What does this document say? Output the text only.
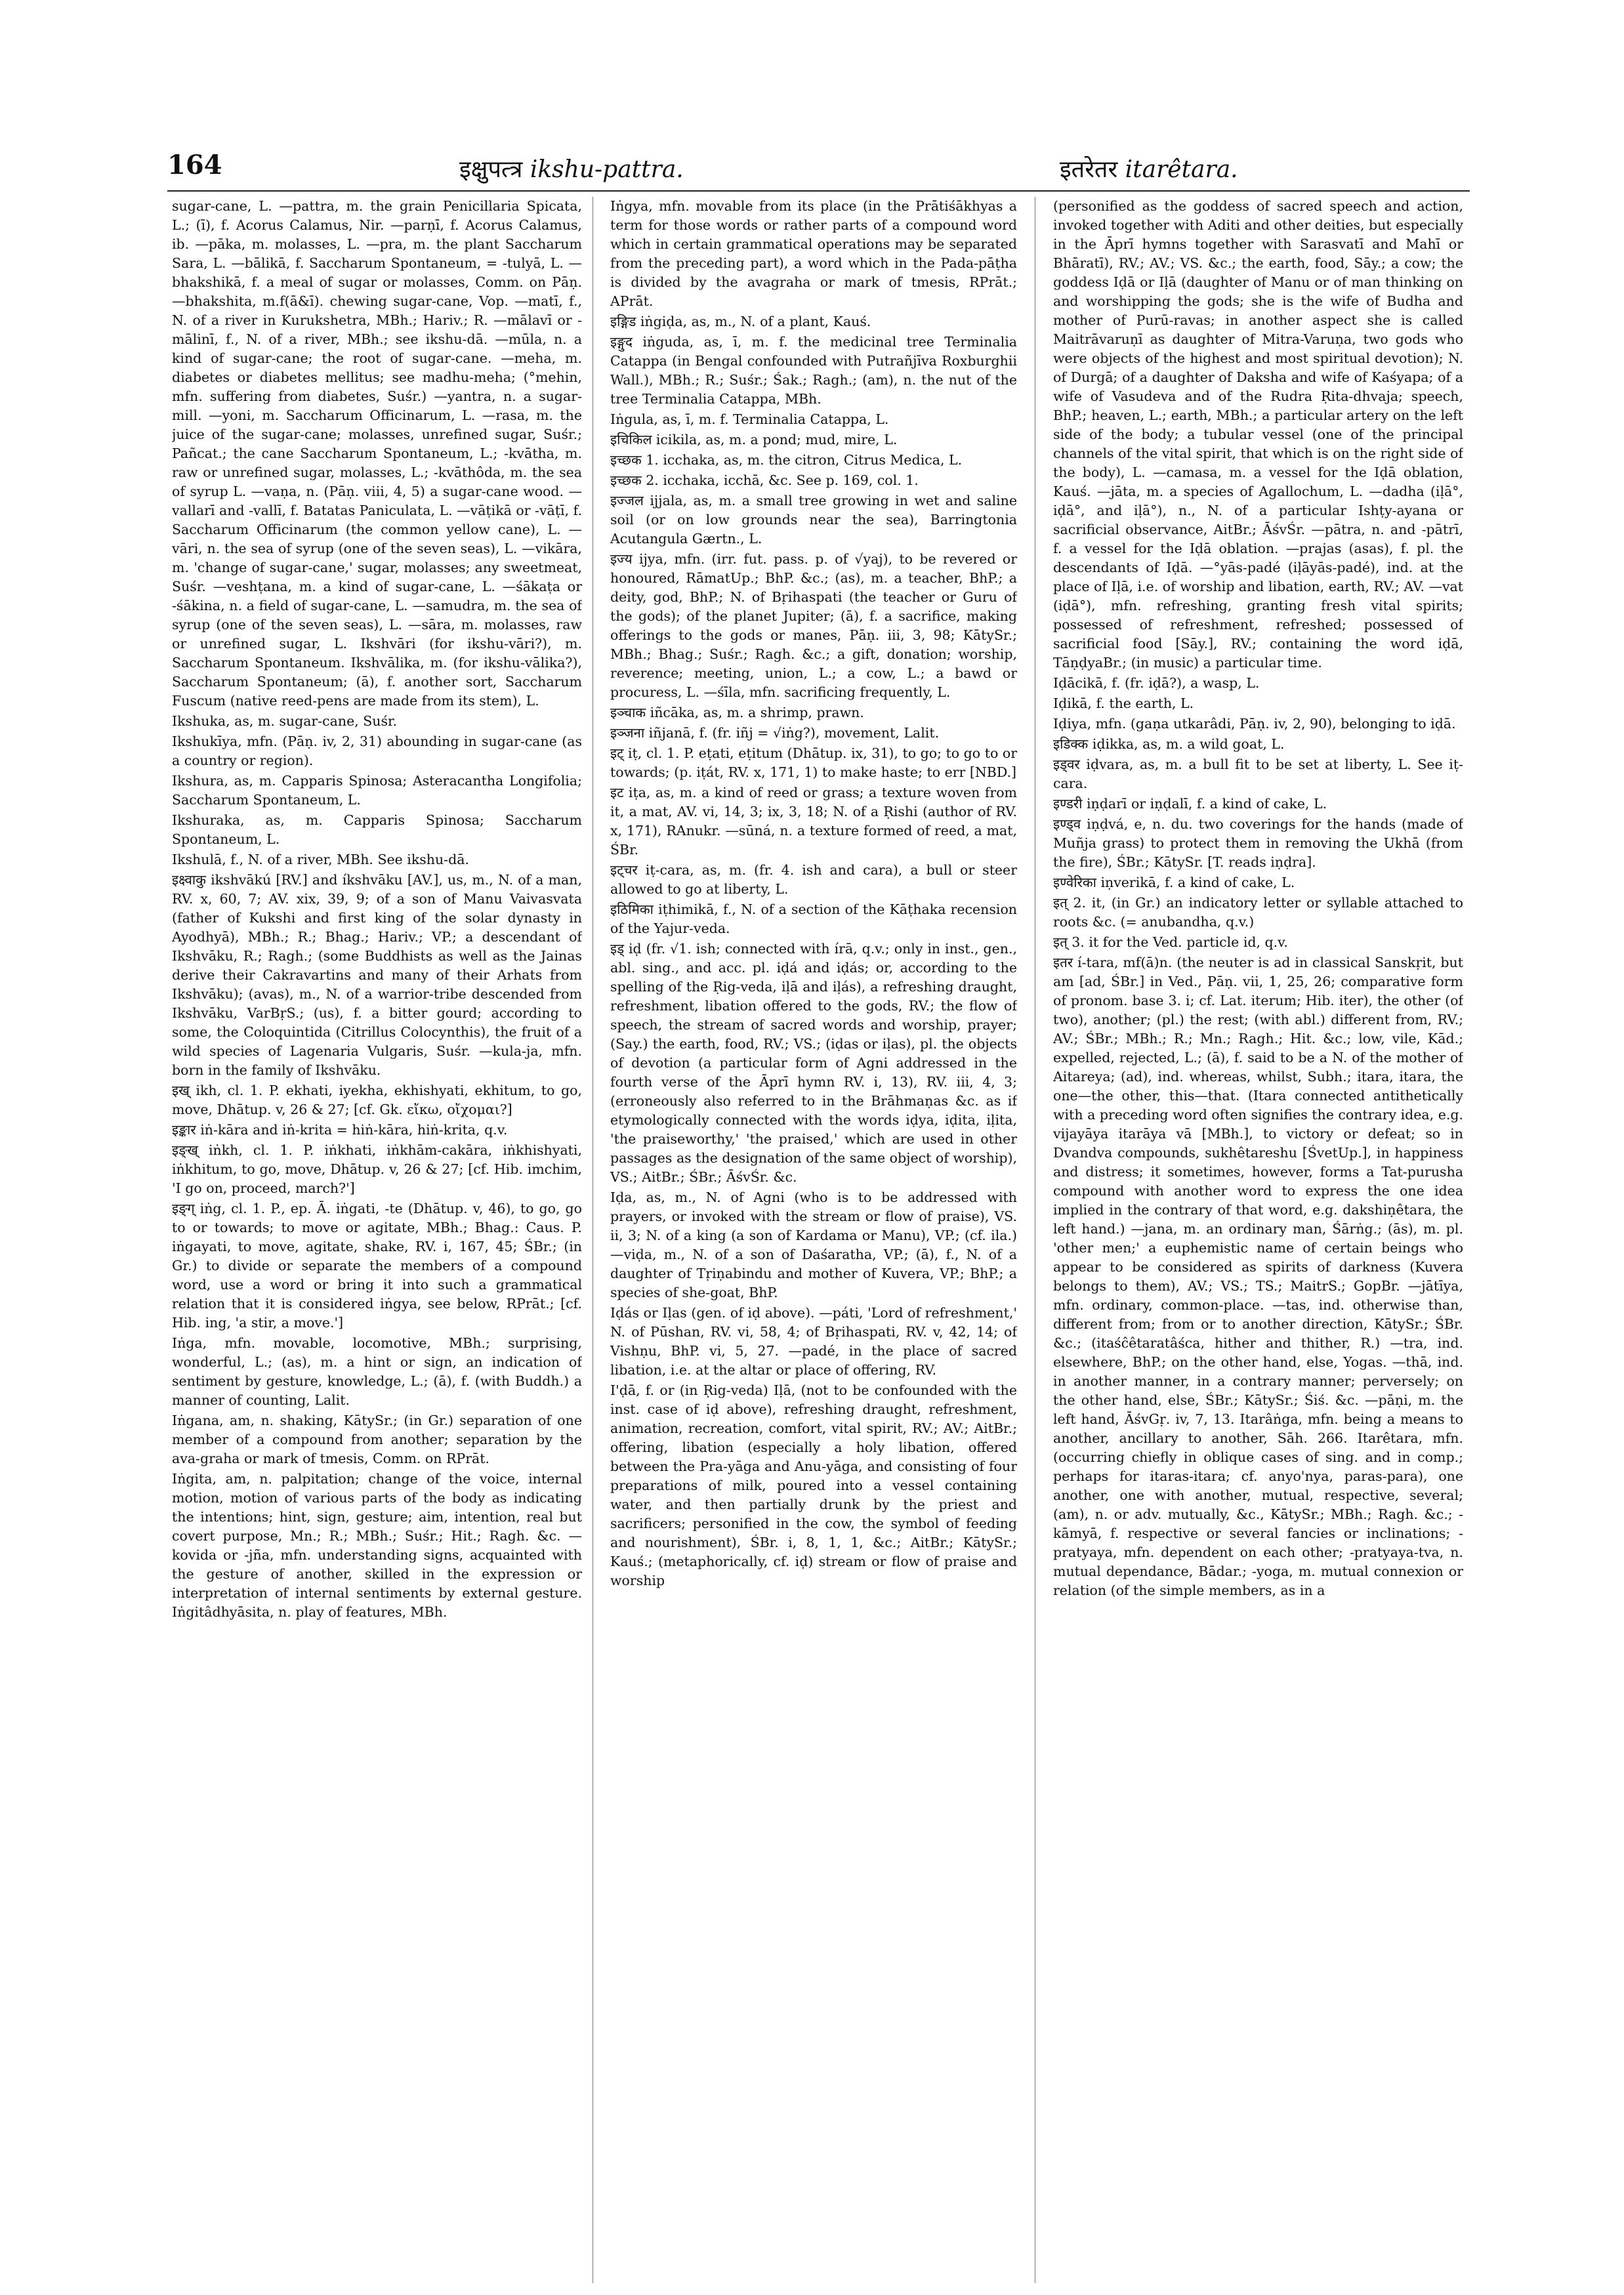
164	इक्षुपत्त्र ikshu-pattra.	इतरेतर itarêtara.

sugar-cane, L. —pattra, m. the grain Penicillaria Spicata, L.; (ī), f. Acorus Calamus, Nir. —parṇī, f. Acorus Calamus, ib. —pāka, m. molasses, L. —pra, m. the plant Saccharum Sara, L. —bālikā, f. Saccharum Spontaneum, = -tulyā, L. —bhakshikā, f. a meal of sugar or molasses, Comm. on Pāṇ. —bhakshita, m.f(ā&ī). chewing sugar-cane, Vop. —matī, f., N. of a river in Kurukshetra, MBh.; Hariv.; R. —mālavī or -mālinī, f., N. of a river, MBh.; see ikshu-dā. —mūla, n. a kind of sugar-cane; the root of sugar-cane. —meha, m. diabetes or diabetes mellitus; see madhu-meha; (°mehin, mfn. suffering from diabetes, Suśr.) —yantra, n. a sugar-mill. —yoni, m. Saccharum Officinarum, L. —rasa, m. the juice of the sugar-cane; molasses, unrefined sugar, Suśr.; Pañcat.; the cane Saccharum Spontaneum, L.; -kvātha, m. raw or unrefined sugar, molasses, L.; -kvāthôda, m. the sea of syrup L. —vaṇa, n. (Pāṇ. viii, 4, 5) a sugar-cane wood. —vallarī and -vallī, f. Batatas Paniculata, L. —vāṭikā or -vāṭī, f. Saccharum Officinarum (the common yellow cane), L. —vāri, n. the sea of syrup (one of the seven seas), L. —vikāra, m. 'change of sugar-cane,' sugar, molasses; any sweetmeat, Suśr. —veshṭana, m. a kind of sugar-cane, L. —śākaṭa or -śākina, n. a field of sugar-cane, L. —samudra, m. the sea of syrup (one of the seven seas), L. —sāra, m. molasses, raw or unrefined sugar, L. Ikshvāri (for ikshu-vāri?), m. Saccharum Spontaneum. Ikshvālika, m. (for ikshu-vālika?), Saccharum Spontaneum; (ā), f. another sort, Saccharum Fuscum (native reed-pens are made from its stem), L.

Ikshuka, as, m. sugar-cane, Suśr.

Ikshukīya, mfn. (Pāṇ. iv, 2, 31) abounding in sugar-cane (as a country or region).

Ikshura, as, m. Capparis Spinosa; Asteracantha Longifolia; Saccharum Spontaneum, L.

Ikshuraka, as, m. Capparis Spinosa; Saccharum Spontaneum, L.

Ikshulā, f., N. of a river, MBh. See ikshu-dā.

इक्ष्वाकु ikshvākú [RV.] and íkshvāku [AV.], us, m., N. of a man, RV. x, 60, 7; AV. xix, 39, 9; of a son of Manu Vaivasvata (father of Kukshi and first king of the solar dynasty in Ayodhyā), MBh.; R.; Bhag.; Hariv.; VP.; a descendant of Ikshvāku, R.; Ragh.; (some Buddhists as well as the Jainas derive their Cakravartins and many of their Arhats from Ikshvāku); (avas), m., N. of a warrior-tribe descended from Ikshvāku, VarBṛS.; (us), f. a bitter gourd; according to some, the Coloquintida (Citrillus Colocynthis), the fruit of a wild species of Lagenaria Vulgaris, Suśr. —kula-ja, mfn. born in the family of Ikshvāku.

इख् ikh, cl. 1. P. ekhati, iyekha, ekhishyati, ekhitum, to go, move, Dhātup. v, 26 & 27; [cf. Gk. εἴκω, οἴχομαι?]

इङ्कार iṅ-kāra and iṅ-krita = hiṅ-kāra, hiṅ-krita, q.v.

इङ्ख् iṅkh, cl. 1. P. iṅkhati, iṅkhām-cakāra, iṅkhishyati, iṅkhitum, to go, move, Dhātup. v, 26 & 27; [cf. Hib. imchim, 'I go on, proceed, march?']

इङ्ग् iṅg, cl. 1. P., ep. Ā. iṅgati, -te (Dhātup. v, 46), to go, go to or towards; to move or agitate, MBh.; Bhag.: Caus. P. iṅgayati, to move, agitate, shake, RV. i, 167, 45; ŚBr.; (in Gr.) to divide or separate the members of a compound word, use a word or bring it into such a grammatical relation that it is considered iṅgya, see below, RPrāt.; [cf. Hib. ing, 'a stir, a move.']

Iṅga, mfn. movable, locomotive, MBh.; surprising, wonderful, L.; (as), m. a hint or sign, an indication of sentiment by gesture, knowledge, L.; (ā), f. (with Buddh.) a manner of counting, Lalit.

Iṅgana, am, n. shaking, KātySr.; (in Gr.) separation of one member of a compound from another; separation by the ava-graha or mark of tmesis, Comm. on RPrāt.

Iṅgita, am, n. palpitation; change of the voice, internal motion, motion of various parts of the body as indicating the intentions; hint, sign, gesture; aim, intention, real but covert purpose, Mn.; R.; MBh.; Suśr.; Hit.; Ragh. &c. —kovida or -jña, mfn. understanding signs, acquainted with the gesture of another, skilled in the expression or interpretation of internal sentiments by external gesture. Iṅgitâdhyāsita, n. play of features, MBh.

Iṅgya, mfn. movable from its place (in the Prātiśākhyas a term for those words or rather parts of a compound word which in certain grammatical operations may be separated from the preceding part), a word which in the Pada-pāṭha is divided by the avagraha or mark of tmesis, RPrāt.; APrāt.

इङ्गिड iṅgiḍa, as, m., N. of a plant, Kauś.

इङ्गुद iṅguda, as, ī, m. f. the medicinal tree Terminalia Catappa (in Bengal confounded with Putrañjīva Roxburghii Wall.), MBh.; R.; Suśr.; Śak.; Ragh.; (am), n. the nut of the tree Terminalia Catappa, MBh.

Iṅgula, as, ī, m. f. Terminalia Catappa, L.

इचिकिल icikila, as, m. a pond; mud, mire, L.

इच्छक 1. icchaka, as, m. the citron, Citrus Medica, L.

इच्छक 2. icchaka, icchā, &c. See p. 169, col. 1.

इज्जल ijjala, as, m. a small tree growing in wet and saline soil (or on low grounds near the sea), Barringtonia Acutangula Gærtn., L.

इज्य ijya, mfn. (irr. fut. pass. p. of √yaj), to be revered or honoured, RāmatUp.; BhP. &c.; (as), m. a teacher, BhP.; a deity, god, BhP.; N. of Bṛihaspati (the teacher or Guru of the gods); of the planet Jupiter; (ā), f. a sacrifice, making offerings to the gods or manes, Pāṇ. iii, 3, 98; KātySr.; MBh.; Bhag.; Suśr.; Ragh. &c.; a gift, donation; worship, reverence; meeting, union, L.; a cow, L.; a bawd or procuress, L. —śīla, mfn. sacrificing frequently, L.

इञ्चाक iñcāka, as, m. a shrimp, prawn.

इञ्जना iñjanā, f. (fr. iñj = √iṅg?), movement, Lalit.

इट् iṭ, cl. 1. P. eṭati, eṭitum (Dhātup. ix, 31), to go; to go to or towards; (p. iṭát, RV. x, 171, 1) to make haste; to err [NBD.]

इट iṭa, as, m. a kind of reed or grass; a texture woven from it, a mat, AV. vi, 14, 3; ix, 3, 18; N. of a Ṛishi (author of RV. x, 171), RAnukr. —sūná, n. a texture formed of reed, a mat, ŚBr.

इट्चर iṭ-cara, as, m. (fr. 4. ish and cara), a bull or steer allowed to go at liberty, L.

इठिमिका iṭhimikā, f., N. of a section of the Kāṭhaka recension of the Yajur-veda.

इड् iḍ (fr. √1. ish; connected with írā, q.v.; only in inst., gen., abl. sing., and acc. pl. iḍá and iḍás; or, according to the spelling of the Ṛig-veda, iḷā and iḷás), a refreshing draught, refreshment, libation offered to the gods, RV.; the flow of speech, the stream of sacred words and worship, prayer; (Say.) the earth, food, RV.; VS.; (iḍas or iḷas), pl. the objects of devotion (a particular form of Agni addressed in the fourth verse of the Āprī hymn RV. i, 13), RV. iii, 4, 3; (erroneously also referred to in the Brāhmaṇas &c. as if etymologically connected with the words iḍya, iḍita, iḷita, 'the praiseworthy,' 'the praised,' which are used in other passages as the designation of the same object of worship), VS.; AitBr.; ŚBr.; ĀśvŚr. &c.

Iḍa, as, m., N. of Agni (who is to be addressed with prayers, or invoked with the stream or flow of praise), VS. ii, 3; N. of a king (a son of Kardama or Manu), VP.; (cf. ila.) —viḍa, m., N. of a son of Daśaratha, VP.; (ā), f., N. of a daughter of Tṛiṇabindu and mother of Kuvera, VP.; BhP.; a species of she-goat, BhP.

Iḍás or Iḷas (gen. of iḍ above). —páti, 'Lord of refreshment,' N. of Pūshan, RV. vi, 58, 4; of Bṛihaspati, RV. v, 42, 14; of Vishṇu, BhP. vi, 5, 27. —padé, in the place of sacred libation, i.e. at the altar or place of offering, RV.

I'ḍā, f. or (in Ṛig-veda) Iḷā, (not to be confounded with the inst. case of iḍ above), refreshing draught, refreshment, animation, recreation, comfort, vital spirit, RV.; AV.; AitBr.; offering, libation (especially a holy libation, offered between the Pra-yāga and Anu-yāga, and consisting of four preparations of milk, poured into a vessel containing water, and then partially drunk by the priest and sacrificers; personified in the cow, the symbol of feeding and nourishment), ŚBr. i, 8, 1, 1, &c.; AitBr.; KātySr.; Kauś.; (metaphorically, cf. iḍ) stream or flow of praise and worship

(personified as the goddess of sacred speech and action, invoked together with Aditi and other deities, but especially in the Āprī hymns together with Sarasvatī and Mahī or Bhāratī), RV.; AV.; VS. &c.; the earth, food, Sāy.; a cow; the goddess Iḍā or Iḷā (daughter of Manu or of man thinking on and worshipping the gods; she is the wife of Budha and mother of Purū-ravas; in another aspect she is called Maitrāvaruṇī as daughter of Mitra-Varuṇa, two gods who were objects of the highest and most spiritual devotion); N. of Durgā; of a daughter of Daksha and wife of Kaśyapa; of a wife of Vasudeva and of the Rudra Ṛita-dhvaja; speech, BhP.; heaven, L.; earth, MBh.; a particular artery on the left side of the body; a tubular vessel (one of the principal channels of the vital spirit, that which is on the right side of the body), L. —camasa, m. a vessel for the Iḍā oblation, Kauś. —jāta, m. a species of Agallochum, L. —dadha (iḷā°, iḍā°, and iḷā°), n., N. of a particular Ishṭy-ayana or sacrificial observance, AitBr.; ĀśvŚr. —pātra, n. and -pātrī, f. a vessel for the Iḍā oblation. —prajas (asas), f. pl. the descendants of Iḍā. —°yās-padé (iḷāyās-padé), ind. at the place of Iḷā, i.e. of worship and libation, earth, RV.; AV. —vat (iḍā°), mfn. refreshing, granting fresh vital spirits; possessed of refreshment, refreshed; possessed of sacrificial food [Sāy.], RV.; containing the word iḍā, TāṇḍyaBr.; (in music) a particular time.

Iḍācikā, f. (fr. iḍā?), a wasp, L.

Iḍikā, f. the earth, L.

Iḍiya, mfn. (gaṇa utkarâdi, Pāṇ. iv, 2, 90), belonging to iḍā.

इडिक्क iḍikka, as, m. a wild goat, L.

इड्वर iḍvara, as, m. a bull fit to be set at liberty, L. See iṭ-cara.

इण्डरी iṇḍarī or iṇḍalī, f. a kind of cake, L.

इण्ड्व iṇḍvá, e, n. du. two coverings for the hands (made of Muñja grass) to protect them in removing the Ukhā (from the fire), ŚBr.; KātySr. [T. reads iṇḍra].

इण्वेरिका iṇverikā, f. a kind of cake, L.

इत् 2. it, (in Gr.) an indicatory letter or syllable attached to roots &c. (= anubandha, q.v.)

इत् 3. it for the Ved. particle id, q.v.

इतर í-tara, mf(ā)n. (the neuter is ad in classical Sanskṛit, but am [ad, ŚBr.] in Ved., Pāṇ. vii, 1, 25, 26; comparative form of pronom. base 3. i; cf. Lat. iterum; Hib. iter), the other (of two), another; (pl.) the rest; (with abl.) different from, RV.; AV.; ŚBr.; MBh.; R.; Mn.; Ragh.; Hit. &c.; low, vile, Kād.; expelled, rejected, L.; (ā), f. said to be a N. of the mother of Aitareya; (ad), ind. whereas, whilst, Subh.; itara, itara, the one—the other, this—that. (Itara connected antithetically with a preceding word often signifies the contrary idea, e.g. vijayāya itarāya vā [MBh.], to victory or defeat; so in Dvandva compounds, sukhêtareshu [ŚvetUp.], in happiness and distress; it sometimes, however, forms a Tat-purusha compound with another word to express the one idea implied in the contrary of that word, e.g. dakshiṇêtara, the left hand.) —jana, m. an ordinary man, Śārṅg.; (ās), m. pl. 'other men;' a euphemistic name of certain beings who appear to be considered as spirits of darkness (Kuvera belongs to them), AV.; VS.; TS.; MaitrS.; GopBr. —jātīya, mfn. ordinary, common-place. —tas, ind. otherwise than, different from; from or to another direction, KātySr.; ŚBr. &c.; (itaśĉêtaratâśca, hither and thither, R.) —tra, ind. elsewhere, BhP.; on the other hand, else, Yogas. —thā, ind. in another manner, in a contrary manner; perversely; on the other hand, else, ŚBr.; KātySr.; Śiś. &c. —pāṇi, m. the left hand, ĀśvGṛ. iv, 7, 13. Itarâṅga, mfn. being a means to another, ancillary to another, Sāh. 266. Itarêtara, mfn. (occurring chiefly in oblique cases of sing. and in comp.; perhaps for itaras-itara; cf. anyo'nya, paras-para), one another, one with another, mutual, respective, several; (am), n. or adv. mutually, &c., KātySr.; MBh.; Ragh. &c.; -kāmyā, f. respective or several fancies or inclinations; -pratyaya, mfn. dependent on each other; -pratyaya-tva, n. mutual dependance, Bādar.; -yoga, m. mutual connexion or relation (of the simple members, as in a
